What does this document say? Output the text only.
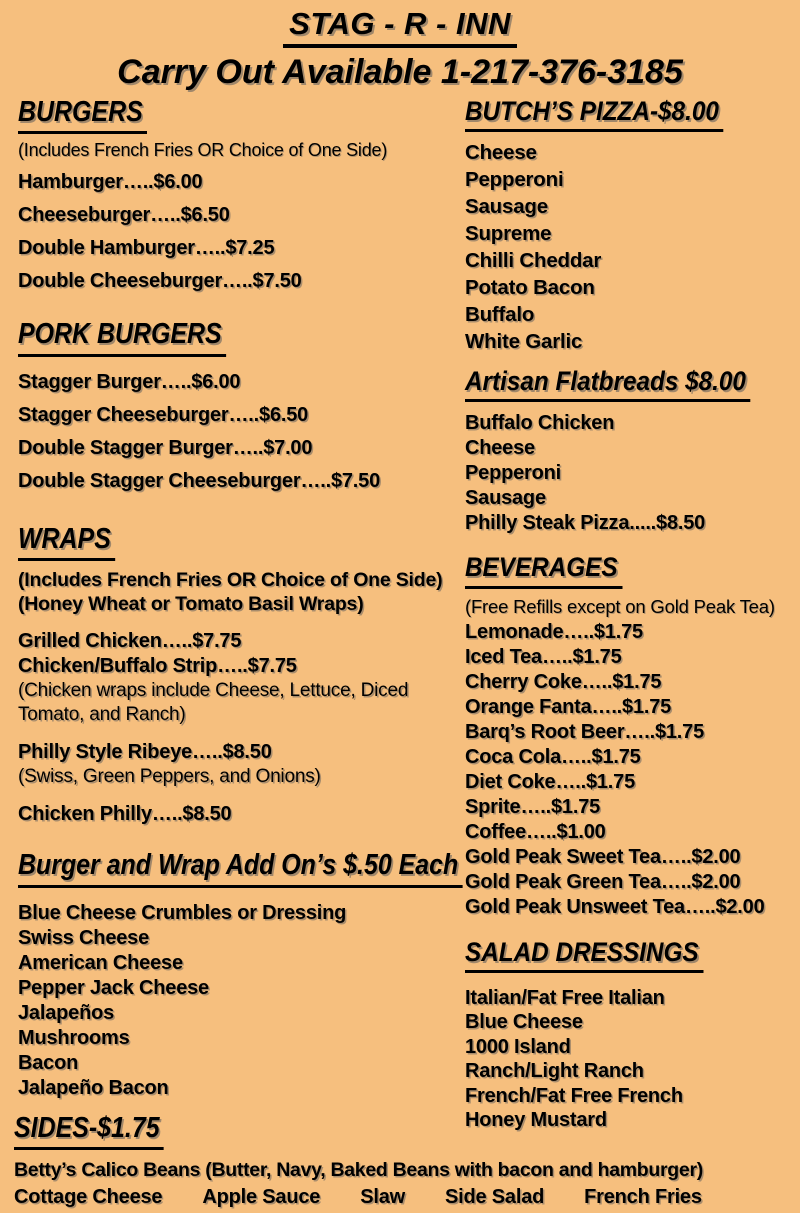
STAG - R - INN
Carry Out Available 1-217-376-3185
BURGERS
(Includes French Fries OR Choice of One Side)
Hamburger…..$6.00
Cheeseburger…..$6.50
Double Hamburger…..$7.25
Double Cheeseburger…..$7.50
PORK BURGERS
Stagger Burger…..$6.00
Stagger Cheeseburger…..$6.50
Double Stagger Burger…..$7.00
Double Stagger Cheeseburger…..$7.50
WRAPS
(Includes French Fries OR Choice of One Side)
(Honey Wheat or Tomato Basil Wraps)
Grilled Chicken…..$7.75
Chicken/Buffalo Strip…..$7.75
(Chicken wraps include Cheese, Lettuce, Diced Tomato, and Ranch)
Philly Style Ribeye…..$8.50
(Swiss, Green Peppers, and Onions)
Chicken Philly…..$8.50
Burger and Wrap Add On’s $.50 Each
Blue Cheese Crumbles or Dressing
Swiss Cheese
American Cheese
Pepper Jack Cheese
Jalapeños
Mushrooms
Bacon
Jalapeño Bacon
BUTCH’S PIZZA-$8.00
Cheese
Pepperoni
Sausage
Supreme
Chilli Cheddar
Potato Bacon
Buffalo
White Garlic
Artisan Flatbreads $8.00
Buffalo Chicken
Cheese
Pepperoni
Sausage
Philly Steak Pizza.....$8.50
BEVERAGES
(Free Refills except on Gold Peak Tea)
Lemonade…..$1.75
Iced Tea…..$1.75
Cherry Coke…..$1.75
Orange Fanta…..$1.75
Barq’s Root Beer…..$1.75
Coca Cola…..$1.75
Diet Coke…..$1.75
Sprite…..$1.75
Coffee…..$1.00
Gold Peak Sweet Tea…..$2.00
Gold Peak Green Tea…..$2.00
Gold Peak Unsweet Tea…..$2.00
SALAD DRESSINGS
Italian/Fat Free Italian
Blue Cheese
1000 Island
Ranch/Light Ranch
French/Fat Free French
Honey Mustard
SIDES-$1.75
Betty’s Calico Beans (Butter, Navy, Baked Beans with bacon and hamburger)
Cottage Cheese Apple Sauce Slaw Side Salad French Fries
